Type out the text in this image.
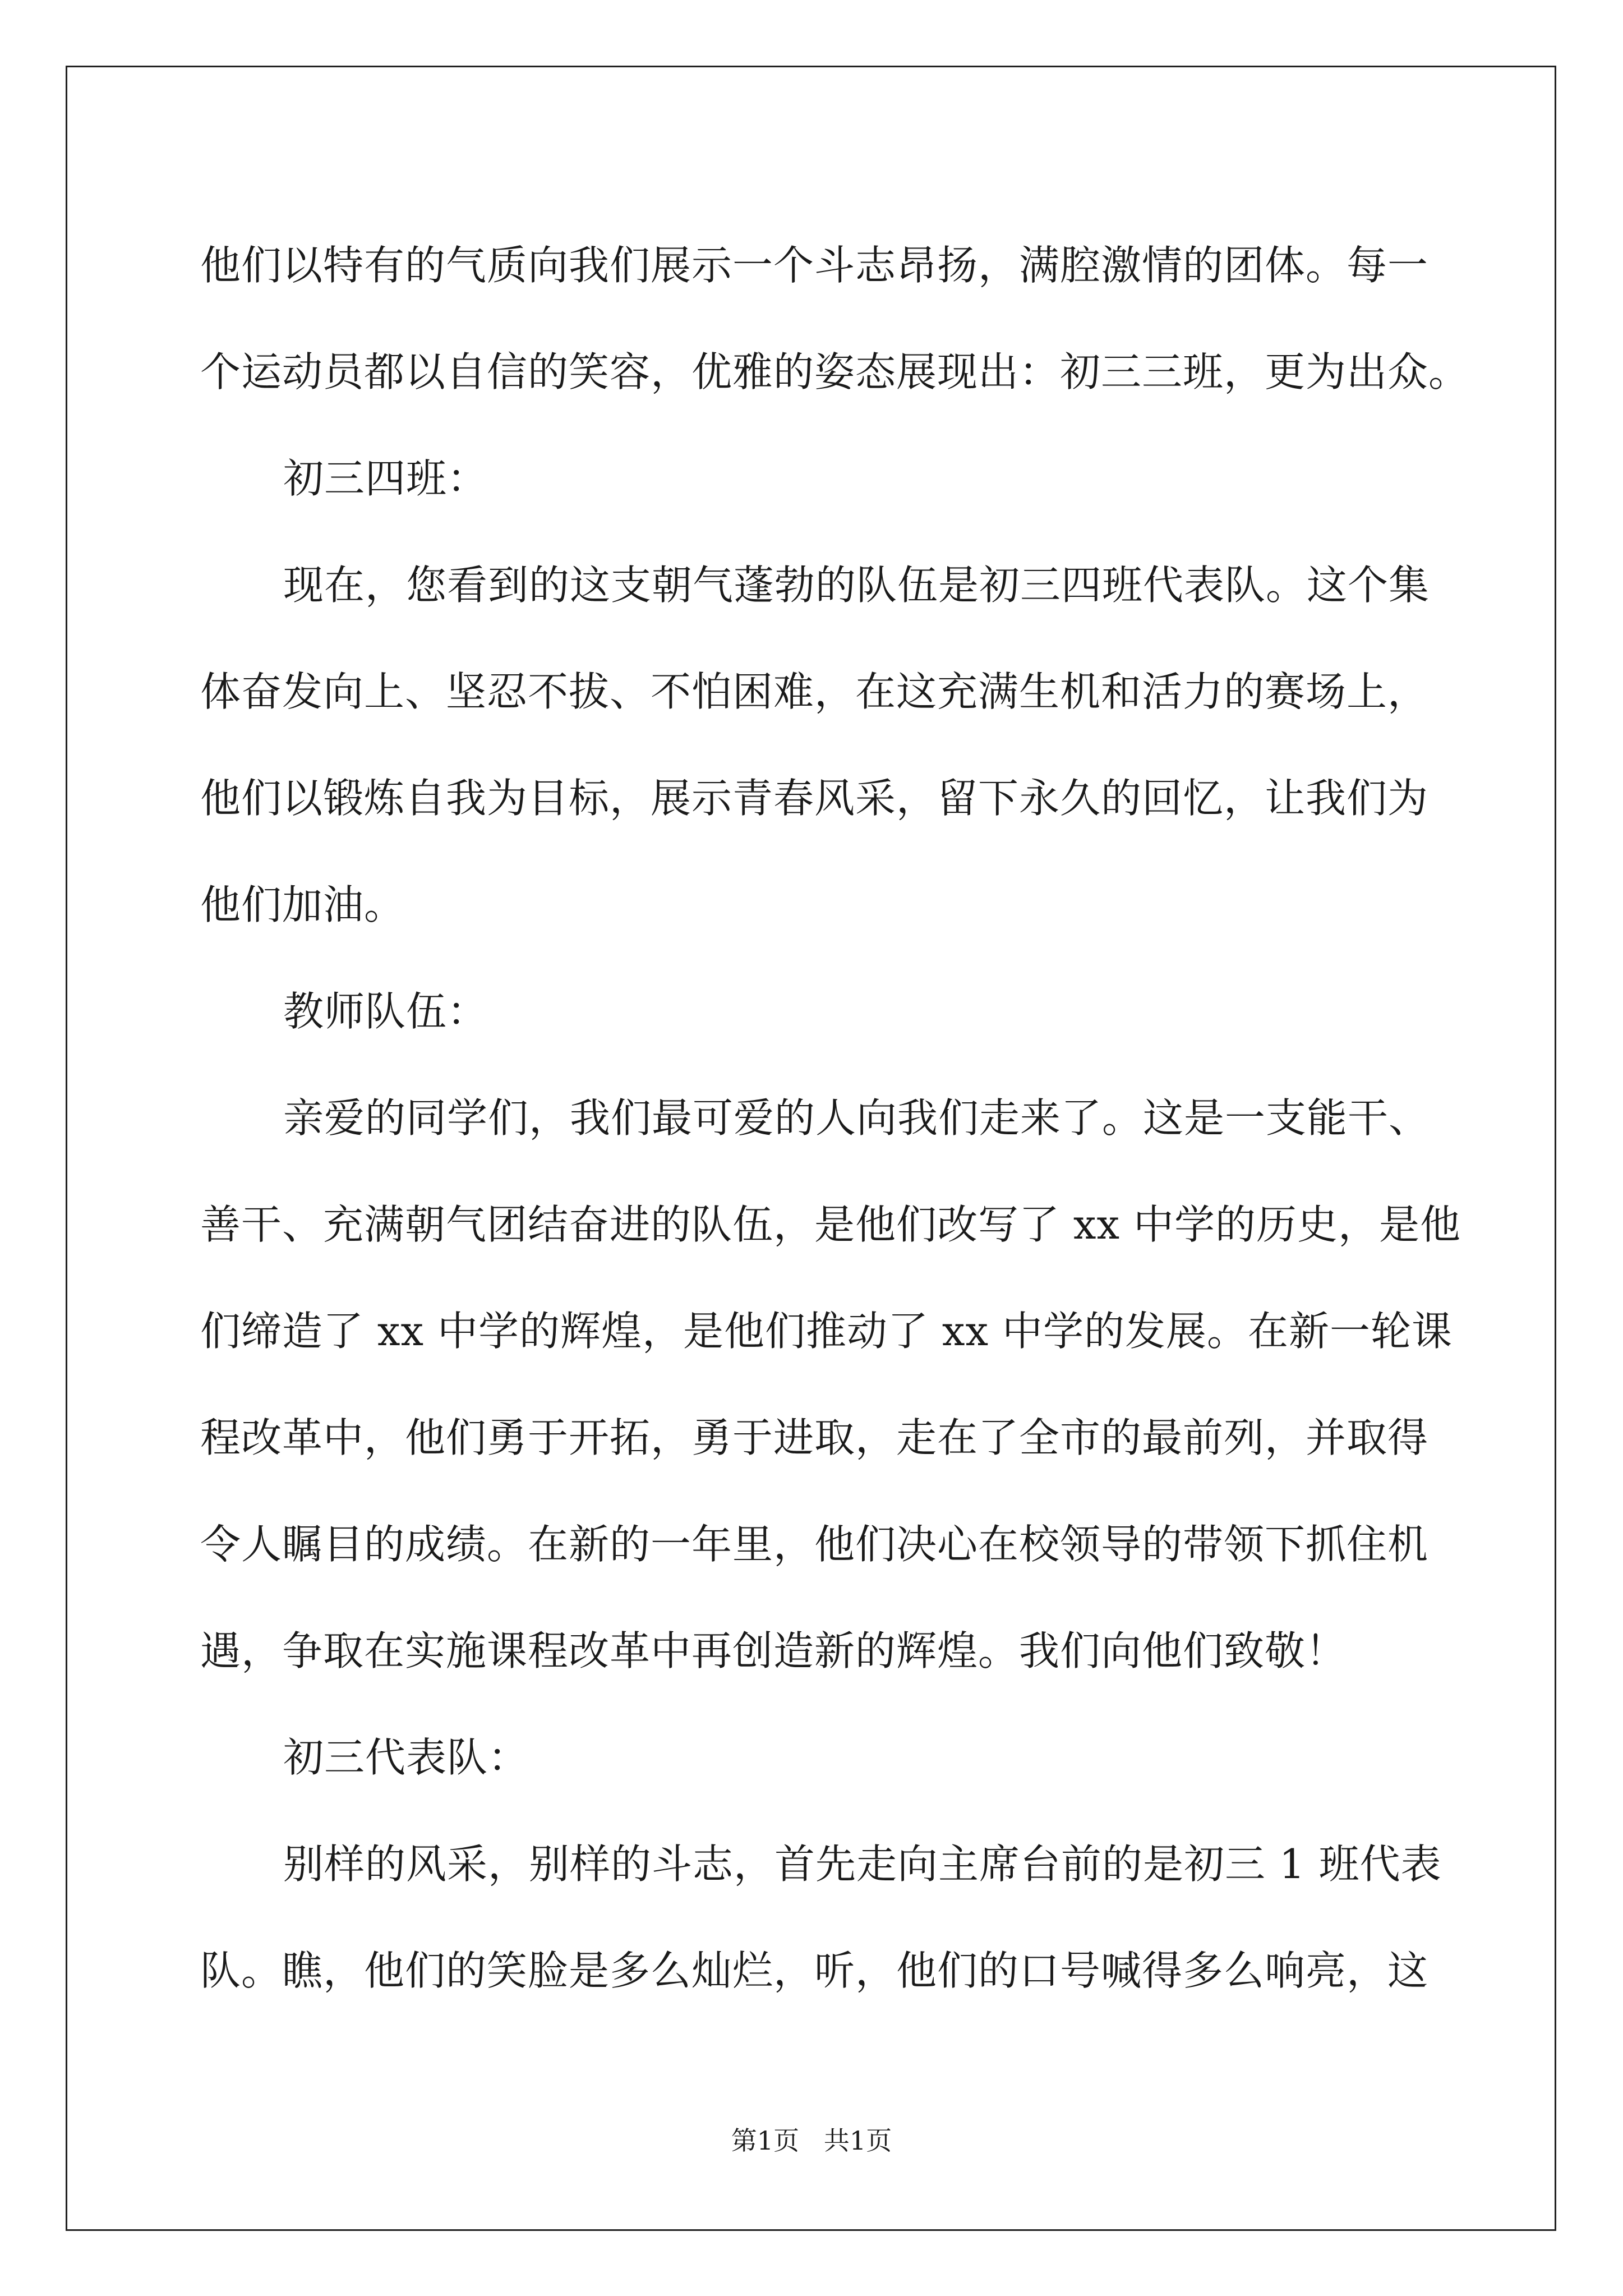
他们以特有的气质向我们展示一个斗志昂扬，满腔激情的团体。每一
个运动员都以自信的笑容，优雅的姿态展现出：初三三班，更为出众。
初三四班：
现在，您看到的这支朝气蓬勃的队伍是初三四班代表队。这个集
体奋发向上、坚忍不拔、不怕困难，在这充满生机和活力的赛场上，
他们以锻炼自我为目标，展示青春风采，留下永久的回忆，让我们为
他们加油。
教师队伍：
亲爱的同学们，我们最可爱的人向我们走来了。这是一支能干、
善干、充满朝气团结奋进的队伍，是他们改写了 xx 中学的历史，是他
们缔造了 xx 中学的辉煌，是他们推动了 xx 中学的发展。在新一轮课
程改革中，他们勇于开拓，勇于进取，走在了全市的最前列，并取得
令人瞩目的成绩。在新的一年里，他们决心在校领导的带领下抓住机
遇，争取在实施课程改革中再创造新的辉煌。我们向他们致敬！
初三代表队：
别样的风采，别样的斗志，首先走向主席台前的是初三 1 班代表
队。瞧，他们的笑脸是多么灿烂，听，他们的口号喊得多么响亮，这
第1页   共1页
